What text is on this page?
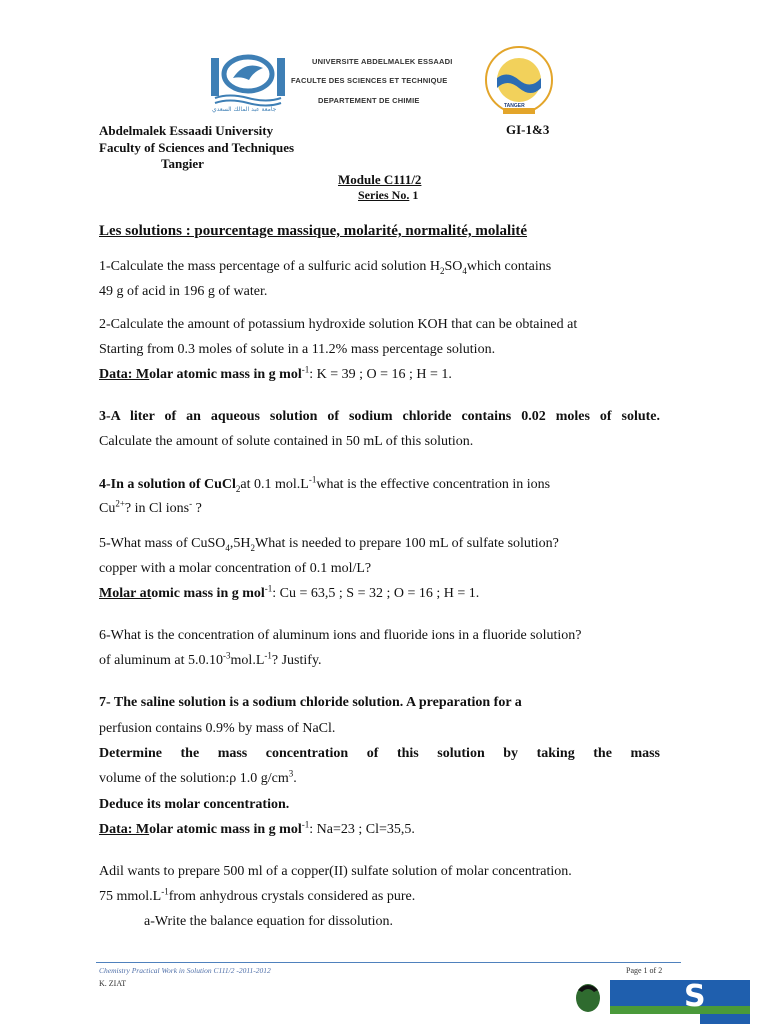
جامعة عبد المالك السعدي
UNIVERSITE ABDELMALEK ESSAADI
FACULTE DES SCIENCES ET TECHNIQUE
DEPARTEMENT DE CHIMIE
TANGER
Abdelmalek Essaadi University	GI-1&3
Faculty of Sciences and Techniques
Tangier
Module C111/2
Series No. 1
Les solutions : pourcentage massique, molarité, normalité, molalité
1-Calculate the mass percentage of a sulfuric acid solution $H_2SO_4which$ contains
49 g of acid in 196 g of water.
2-Calculate the amount of potassium hydroxide solution KOH that can be obtained at
Starting from 0.3 moles of solute in a 11.2% mass percentage solution.
Data: Molar atomic mass in g mol$^{-1}$: K = 39 ; O = 16 ; H = 1.
3-A liter of an aqueous solution of sodium chloride contains 0.02 moles of solute.
Calculate the amount of solute contained in 50 mL of this solution.
4-In a solution of CuCl$_2$at 0.1 $mol.L^{-1}what$ is the effective concentration in ions
$Cu^{2+}$? in Cl ions- ?
5-What mass of $CuSO_4,5H_2What$ is needed to prepare 100 mL of sulfate solution?
copper with a molar concentration of 0.1 mol/L?
Molar atomic mass in g mol$^{-1}$: Cu = 63,5 ; S = 32 ; O = 16 ; H = 1.
6-What is the concentration of aluminum ions and fluoride ions in a fluoride solution?
of aluminum at $5.0.10^{-3}mol.L^{-1}$? Justify.
7- The saline solution is a sodium chloride solution. A preparation for a
perfusion contains 0.9% by mass of NaCl.
Determine the mass concentration of this solution by taking the mass
volume of the solution:ρ 1.0 $g/cm^3$.
Deduce its molar concentration.
Data: Molar atomic mass in g mol$^{-1}$: Na=23 ; Cl=35,5.
Adil wants to prepare 500 ml of a copper(II) sulfate solution of molar concentration.
75 $mmol.L^{-1}from$ anhydrous crystals considered as pure.
a-Write the balance equation for dissolution.
Chemistry Practical Work in Solution C111/2 -2011-2012
K. ZIAT
Page 1 of 2
S
